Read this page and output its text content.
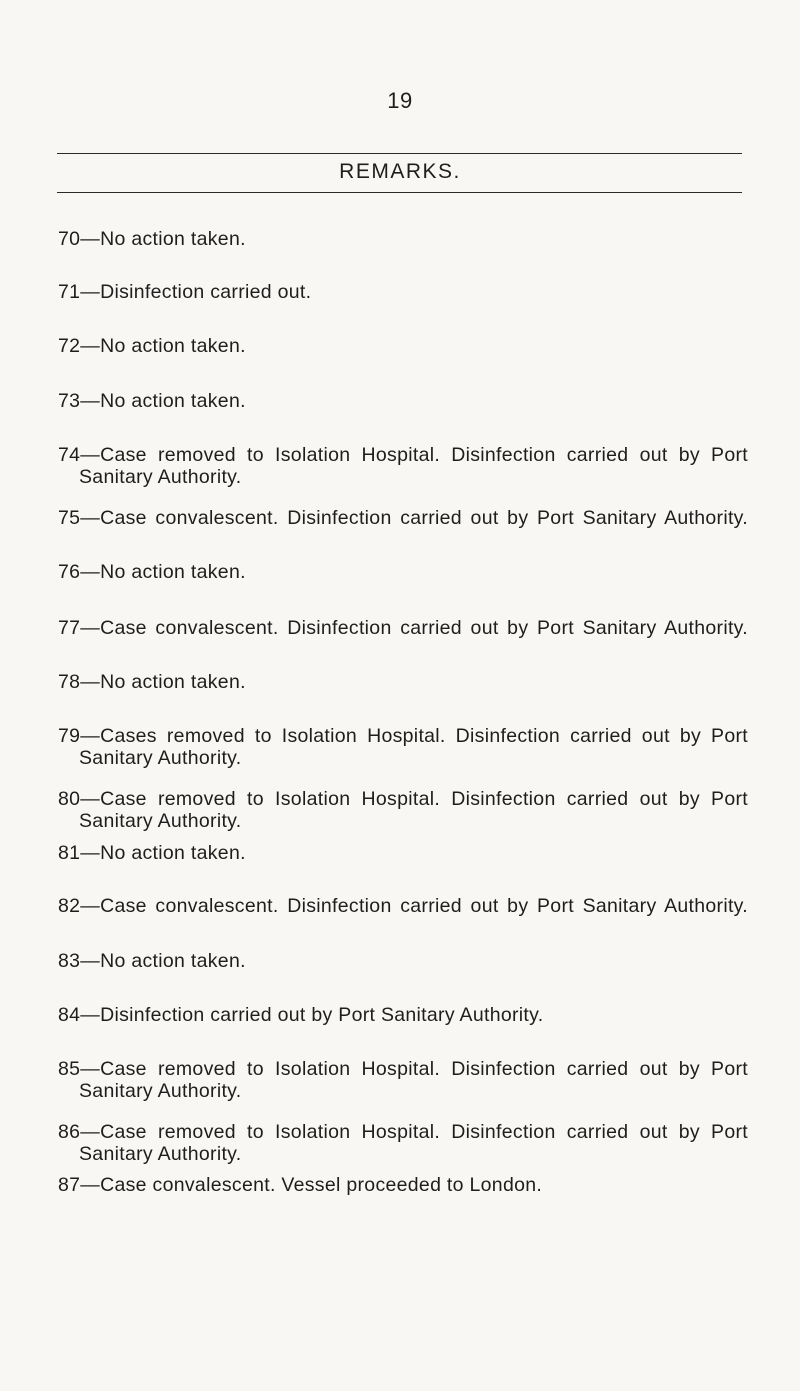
19
REMARKS.
70—No action taken.
71—Disinfection carried out.
72—No action taken.
73—No action taken.
74—Case removed to Isolation Hospital. Disinfection carried out by Port
Sanitary Authority.
75—Case convalescent. Disinfection carried out by Port Sanitary Authority.
76—No action taken.
77—Case convalescent. Disinfection carried out by Port Sanitary Authority.
78—No action taken.
79—Cases removed to Isolation Hospital. Disinfection carried out by Port
Sanitary Authority.
80—Case removed to Isolation Hospital. Disinfection carried out by Port
Sanitary Authority.
81—No action taken.
82—Case convalescent. Disinfection carried out by Port Sanitary Authority.
83—No action taken.
84—Disinfection carried out by Port Sanitary Authority.
85—Case removed to Isolation Hospital. Disinfection carried out by Port
Sanitary Authority.
86—Case removed to Isolation Hospital. Disinfection carried out by Port
Sanitary Authority.
87—Case convalescent. Vessel proceeded to London.
